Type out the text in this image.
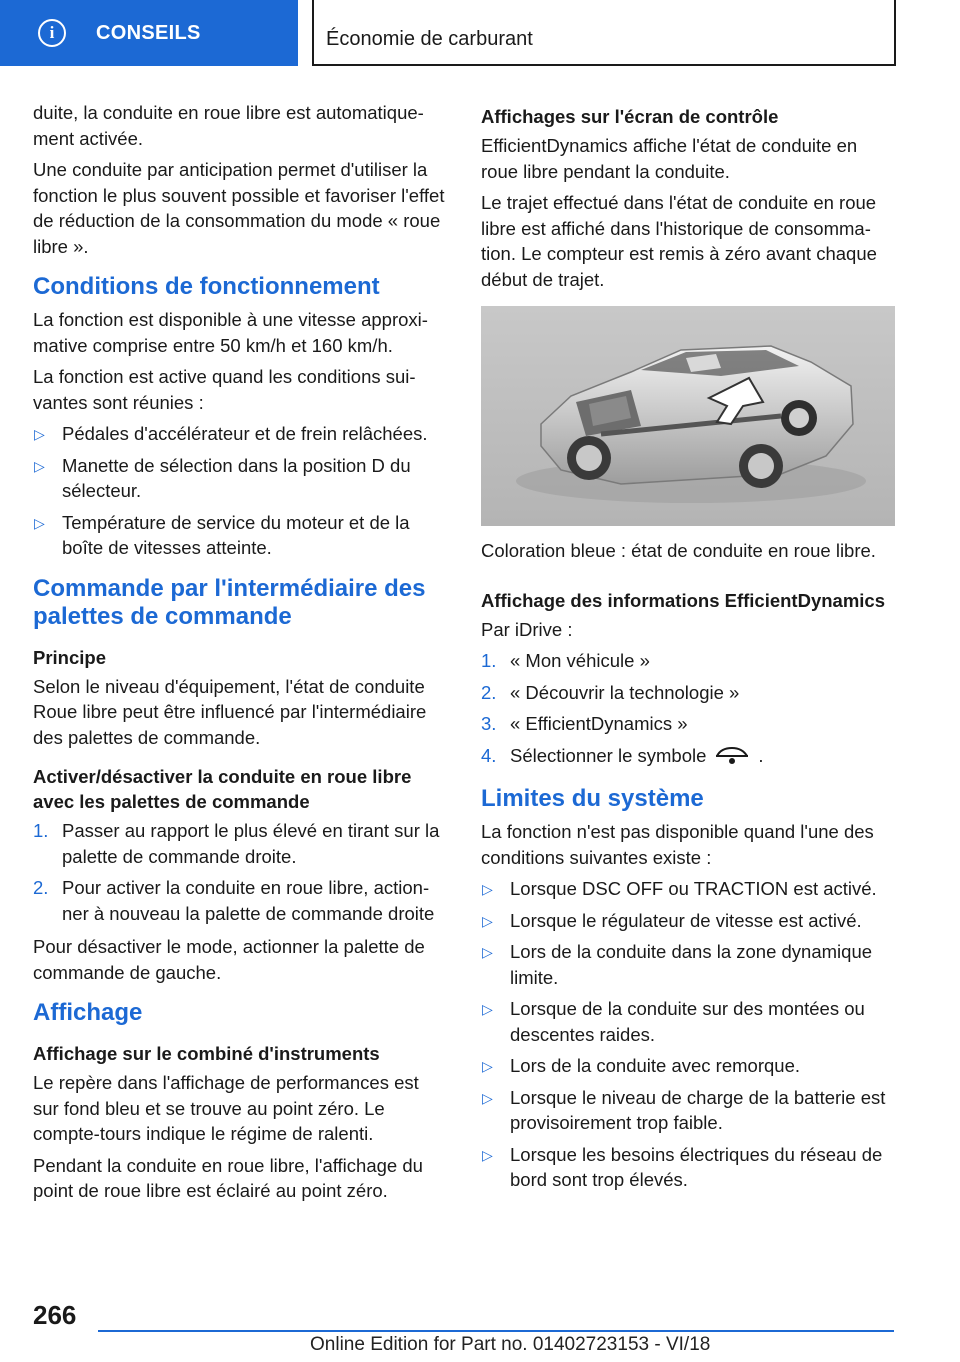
i	CONSEILS	Économie de carburant

duite, la conduite en roue libre est automatiquement activée.

Une conduite par anticipation permet d'utiliser la fonction le plus souvent possible et favoriser l'effet de réduction de la consommation du mode « roue libre ».

Conditions de fonctionnement

La fonction est disponible à une vitesse approximative comprise entre 50 km/h et 160 km/h.

La fonction est active quand les conditions suivantes sont réunies :

▷ Pédales d'accélérateur et de frein relâchées.
▷ Manette de sélection dans la position D du sélecteur.
▷ Température de service du moteur et de la boîte de vitesses atteinte.
Commande par l'intermédiaire des palettes de commande
Principe

Selon le niveau d'équipement, l'état de conduite Roue libre peut être influencé par l'intermédiaire des palettes de commande.

Activer/désactiver la conduite en roue libre avec les palettes de commande
1. Passer au rapport le plus élevé en tirant sur la palette de commande droite.
2. Pour activer la conduite en roue libre, actionner à nouveau la palette de commande droite

Pour désactiver le mode, actionner la palette de commande de gauche.

Affichage
Affichage sur le combiné d'instruments

Le repère dans l'affichage de performances est sur fond bleu et se trouve au point zéro. Le compte-tours indique le régime de ralenti.

Pendant la conduite en roue libre, l'affichage du point de roue libre est éclairé au point zéro.

Affichages sur l'écran de contrôle

EfficientDynamics affiche l'état de conduite en roue libre pendant la conduite.

Le trajet effectué dans l'état de conduite en roue libre est affiché dans l'historique de consommation. Le compteur est remis à zéro avant chaque début de trajet.

Coloration bleue : état de conduite en roue libre.

Affichage des informations EfficientDynamics

Par iDrive :

1. « Mon véhicule »
2. « Découvrir la technologie »
3. « EfficientDynamics »
4. Sélectionner le symbole	.
Limites du système

La fonction n'est pas disponible quand l'une des conditions suivantes existe :

▷ Lorsque DSC OFF ou TRACTION est activé.
▷ Lorsque le régulateur de vitesse est activé.
▷ Lors de la conduite dans la zone dynamique limite.
▷ Lorsque de la conduite sur des montées ou descentes raides.
▷ Lors de la conduite avec remorque.
▷ Lorsque le niveau de charge de la batterie est provisoirement trop faible.
▷ Lorsque les besoins électriques du réseau de bord sont trop élevés.
266
Online Edition for Part no. 01402723153 - VI/18
